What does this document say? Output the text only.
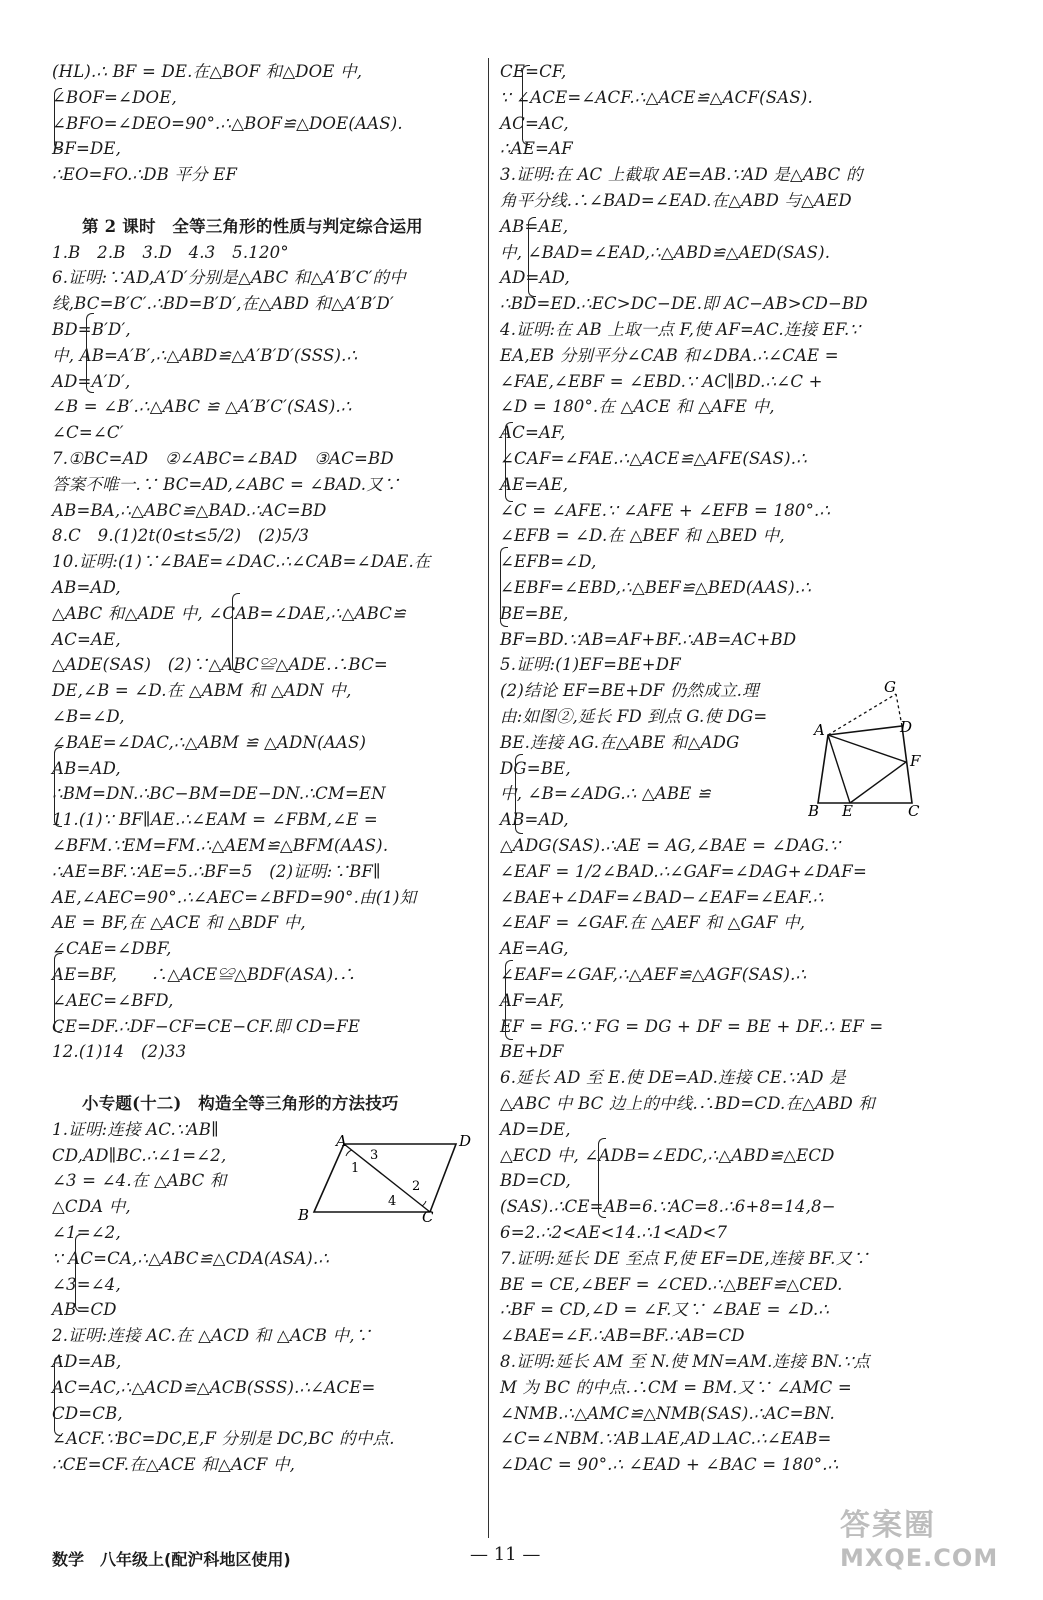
(HL).∴ BF = DE.在△BOF 和△DOE 中,
∠BOF=∠DOE,
∠BFO=∠DEO=90°.∴△BOF≌△DOE(AAS).
BF=DE,
∴EO=FO.∴DB 平分 EF
第 2 课时　全等三角形的性质与判定综合运用
1.B　2.B　3.D　4.3　5.120°
6.证明:∵AD,A′D′分别是△ABC 和△A′B′C′的中
线,BC=B′C′.∴BD=B′D′,在△ABD 和△A′B′D′
BD=B′D′,
中, AB=A′B′,∴△ABD≌△A′B′D′(SSS).∴
AD=A′D′,
∠B = ∠B′.∴△ABC ≌ △A′B′C′(SAS).∴
∠C=∠C′
7.①BC=AD　②∠ABC=∠BAD　③AC=BD
答案不唯一.∵ BC=AD,∠ABC = ∠BAD.又∵
AB=BA,∴△ABC≌△BAD.∴AC=BD
8.C　9.(1)2t(0≤t≤5/2)　(2)5/3
10.证明:(1)∵∠BAE=∠DAC.∴∠CAB=∠DAE.在
AB=AD,
△ABC 和△ADE 中, ∠CAB=∠DAE,∴△ABC≌
AC=AE,
△ADE(SAS)　(2)∵△ABC≌△ADE.∴BC=
DE,∠B = ∠D.在 △ABM 和 △ADN 中,
∠B=∠D,
∠BAE=∠DAC,∴△ABM ≌ △ADN(AAS)
AB=AD,
∴BM=DN.∴BC−BM=DE−DN.∴CM=EN
11.(1)∵ BF∥AE.∴∠EAM = ∠FBM,∠E =
∠BFM.∵EM=FM.∴△AEM≌△BFM(AAS).
∴AE=BF.∵AE=5.∴BF=5　(2)证明:∵BF∥
AE,∠AEC=90°.∴∠AEC=∠BFD=90°.由(1)知
AE = BF,在 △ACE 和 △BDF 中,
∠CAE=∠DBF,
AE=BF,　　∴△ACE≌△BDF(ASA).∴
∠AEC=∠BFD,
CE=DF.∴DF−CF=CE−CF.即 CD=FE
12.(1)14　(2)33
小专题(十二)　构造全等三角形的方法技巧
1.证明:连接 AC.∵AB∥
CD,AD∥BC.∴∠1=∠2,
∠3 = ∠4.在 △ABC 和
△CDA 中,
∠1=∠2,
∵ AC=CA,∴△ABC≌△CDA(ASA).∴
∠3=∠4,
AB=CD
2.证明:连接 AC.在 △ACD 和 △ACB 中,∵
AD=AB,
AC=AC,∴△ACD≌△ACB(SSS).∴∠ACE=
CD=CB,
∠ACF.∵BC=DC,E,F 分别是 DC,BC 的中点.
∴CE=CF.在△ACE 和△ACF 中,
CE=CF,
∵ ∠ACE=∠ACF.∴△ACE≌△ACF(SAS).
AC=AC,
∴AE=AF
3.证明:在 AC 上截取 AE=AB.∵AD 是△ABC 的
角平分线.∴∠BAD=∠EAD.在△ABD 与△AED
AB=AE,
中, ∠BAD=∠EAD,∴△ABD≌△AED(SAS).
AD=AD,
∴BD=ED.∴EC>DC−DE.即 AC−AB>CD−BD
4.证明:在 AB 上取一点 F,使 AF=AC.连接 EF.∵
EA,EB 分别平分∠CAB 和∠DBA.∴∠CAE =
∠FAE,∠EBF = ∠EBD.∵ AC∥BD.∴∠C +
∠D = 180°.在 △ACE 和 △AFE 中,
AC=AF,
∠CAF=∠FAE.∴△ACE≌△AFE(SAS).∴
AE=AE,
∠C = ∠AFE.∵ ∠AFE + ∠EFB = 180°.∴
∠EFB = ∠D.在 △BEF 和 △BED 中,
∠EFB=∠D,
∠EBF=∠EBD,∴△BEF≌△BED(AAS).∴
BE=BE,
BF=BD.∵AB=AF+BF.∴AB=AC+BD
5.证明:(1)EF=BE+DF
(2)结论 EF=BE+DF 仍然成立.理
由:如图②,延长 FD 到点 G.使 DG=
BE.连接 AG.在△ABE 和△ADG
DG=BE,
中, ∠B=∠ADG.∴ △ABE ≌
AB=AD,
△ADG(SAS).∴AE = AG,∠BAE = ∠DAG.∵
∠EAF = 1/2∠BAD.∴∠GAF=∠DAG+∠DAF=
∠BAE+∠DAF=∠BAD−∠EAF=∠EAF.∴
∠EAF = ∠GAF.在 △AEF 和 △GAF 中,
AE=AG,
∠EAF=∠GAF,∴△AEF≌△AGF(SAS).∴
AF=AF,
EF = FG.∵ FG = DG + DF = BE + DF.∴ EF =
BE+DF
6.延长 AD 至 E.使 DE=AD.连接 CE.∵AD 是
△ABC 中 BC 边上的中线.∴BD=CD.在△ABD 和
AD=DE,
△ECD 中, ∠ADB=∠EDC,∴△ABD≌△ECD
BD=CD,
(SAS).∴CE=AB=6.∵AC=8.∴6+8=14,8−
6=2.∴2<AE<14.∴1<AD<7
7.证明:延长 DE 至点 F,使 EF=DE,连接 BF.又∵
BE = CE,∠BEF = ∠CED.∴△BEF≌△CED.
∴BF = CD,∠D = ∠F.又∵ ∠BAE = ∠D.∴
∠BAE=∠F.∴AB=BF.∴AB=CD
8.证明:延长 AM 至 N.使 MN=AM.连接 BN.∵点
M 为 BC 的中点.∴CM = BM.又∵ ∠AMC =
∠NMB.∴△AMC≌△NMB(SAS).∴AC=BN.
∠C=∠NBM.∵AB⊥AE,AD⊥AC.∴∠EAB=
∠DAC = 90°.∴ ∠EAD + ∠BAC = 180°.∴
A	D
B	C
1
3
2
4
G
A	D
F
B E	C
数学　八年级上(配沪科地区使用)	— 11 —
答案圈
MXQE.COM
